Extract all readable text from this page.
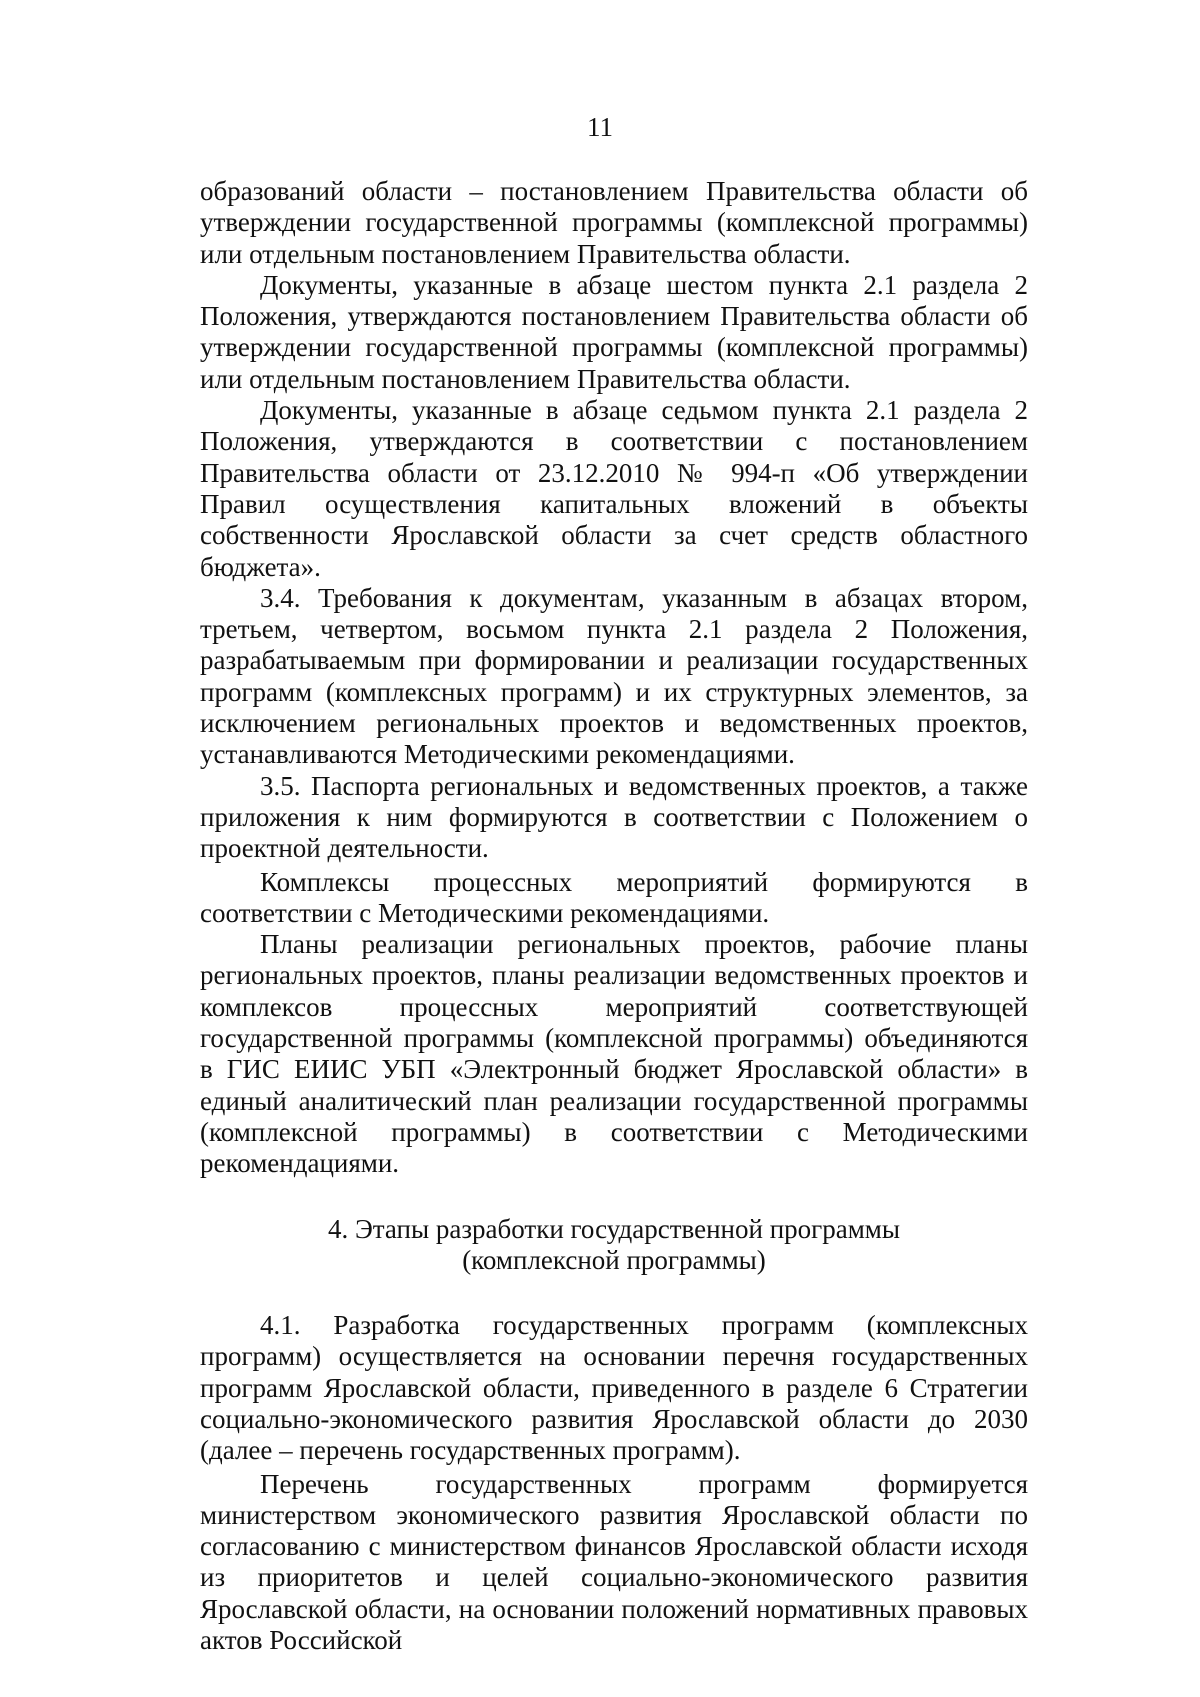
11

образований области – постановлением Правительства области об утверждении государственной программы (комплексной программы) или отдельным постановлением Правительства области.

Документы, указанные в абзаце шестом пункта 2.1 раздела 2 Положения, утверждаются постановлением Правительства области об утверждении государственной программы (комплексной программы) или отдельным постановлением Правительства области.

Документы, указанные в абзаце седьмом пункта 2.1 раздела 2 Положения, утверждаются в соответствии с постановлением Правительства области от 23.12.2010 № 994-п «Об утверждении Правил осуществления капитальных вложений в объекты собственности Ярославской области за счет средств областного бюджета».

3.4. Требования к документам, указанным в абзацах втором, третьем, четвертом, восьмом пункта 2.1 раздела 2 Положения, разрабатываемым при формировании и реализации государственных программ (комплексных программ) и их структурных элементов, за исключением региональных проектов и ведомственных проектов, устанавливаются Методическими рекомендациями.

3.5. Паспорта региональных и ведомственных проектов, а также приложения к ним формируются в соответствии с Положением о проектной деятельности.

Комплексы процессных мероприятий формируются в соответствии с Методическими рекомендациями.

Планы реализации региональных проектов, рабочие планы региональных проектов, планы реализации ведомственных проектов и комплексов процессных мероприятий соответствующей государственной программы (комплексной программы) объединяются в ГИС ЕИИС УБП «Электронный бюджет Ярославской области» в единый аналитический план реализации государственной программы (комплексной программы) в соответствии с Методическими рекомендациями.

4. Этапы разработки государственной программы
(комплексной программы)

4.1. Разработка государственных программ (комплексных программ) осуществляется на основании перечня государственных программ Ярославской области, приведенного в разделе 6 Стратегии социально-экономического развития Ярославской области до 2030 (далее – перечень государственных программ).

Перечень государственных программ формируется министерством экономического развития Ярославской области по согласованию с министерством финансов Ярославской области исходя из приоритетов и целей социально-экономического развития Ярославской области, на основании положений нормативных правовых актов Российской
